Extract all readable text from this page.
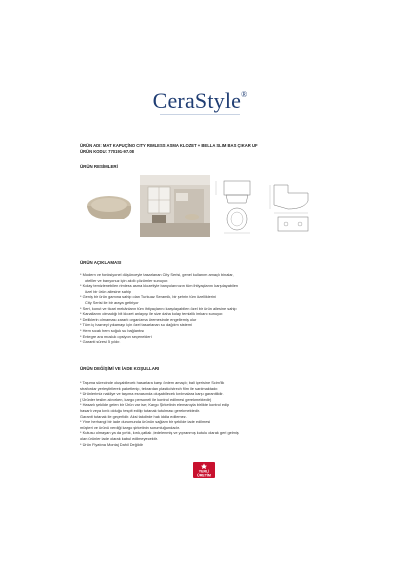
CeraStyle®
ÜRÜN ADI: MAT KAPUÇİNO CITY RIMLESS ASMA KLOZET + BELLA SLIM BAS ÇIKAR UF
ÜRÜN KODU: 770191-97.08
ÜRÜN RESİMLERİ
ÜRÜN AÇIKLAMASI
* Modern ve fonksiyonel düşünceyle tasarlanan City Serisi, genel kullanım amaçlı binalar,
otelller ve banyonuz için akıllı çözümler sunuyor.
* Kolay temizlenebilen rimless asma klozetiyle banyolarınızın tüm ihtiyaçlarını karşılayabilen
özel bir ürün ailesine sahip
* Geniş bir ürün gamına sahip olan Turkuaz Seramik, bir şehrin tüm özelliklerini
City Serisi ile bir araya getiriyor
* Sert, konut ve ticari mekânların tüm ihtiyaçlarını karşılayabilen özel bir ürün ailesine sahip
* Kanallarını olmadığı bit klozet anlayışı ile size daha kolay temizlik imkanı sunuyor.
* Deliklerin olmaması zararlı organizma üremesinde engellemiş olur
* Tüm iç hazneyi yıkamayı için özel tasarlanan su dağılım sistemi
* Hem sıcak hem soğuk su bağlantısı
* Entegre ara musluk opsiyon seçenekleri
* Garanti süresi 5 yıldır.
ÜRÜN DEĞİŞİMİ VE İADE KOŞULLARI
* Taşıma sürecinde oluşabilecek hasarlara karşı önlem amaçlı; bali içerisine Scim'lik
strafordar yerleştirilerek paketlenip, tekrardan plastic/strech film ile sarılmaktadır.
* Ürünlerimiz nakliye ve taşıma esnasında oluşabilecek kırılmalara karşı garantilidir.
( Ürünler teslim alınırken, kargo personeli ile kontrol edilmesi gerekmektedir)
* Hasarlı şekilde gelen bir Ürün var ise; Kargo Şirketinin elemanıyla birlikte kontrol edip
hasarlı veya kırık olduğu tespit edilip tutanak tutulması gerekmektedir.
Garanti tutanak ile geçerlidir. Aksi takdirde hak iddia edilemez.
* Yine herhangi bir iade durumunda ürünün sağlam bir şekilde iade edilmesi
müşteri ve ürünü verdiği kargo şirketinin sorumluğundadır.
* Kutusu olmayan ya da yırtık, kırık,çatlak ,tedelenmiş ve yıpranmış kutulu olarak geri gelmiş
olan ürünler iade olarak kabul edilmeyecektir.
* Ürün Fiyatına Montaj Dahil Değildir
YERLİ
ÜRETİM
